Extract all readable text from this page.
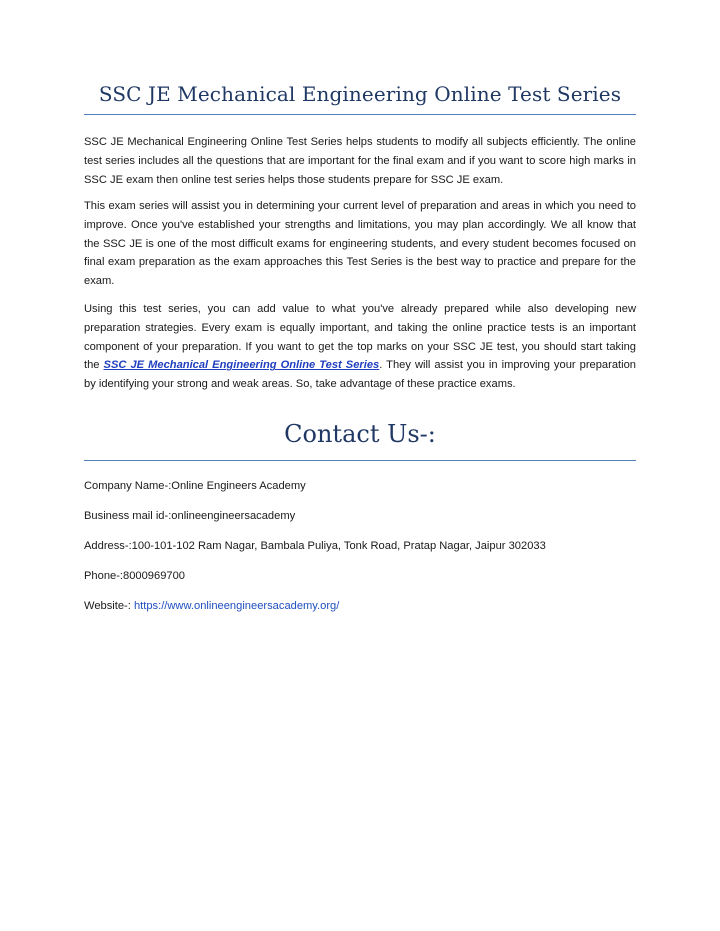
SSC JE Mechanical Engineering Online Test Series

SSC JE Mechanical Engineering Online Test Series helps students to modify all subjects efficiently. The online test series includes all the questions that are important for the final exam and if you want to score high marks in SSC JE exam then online test series helps those students prepare for SSC JE exam.

This exam series will assist you in determining your current level of preparation and areas in which you need to improve. Once you've established your strengths and limitations, you may plan accordingly. We all know that the SSC JE is one of the most difficult exams for engineering students, and every student becomes focused on final exam preparation as the exam approaches this Test Series is the best way to practice and prepare for the exam.

Using this test series, you can add value to what you've already prepared while also developing new preparation strategies. Every exam is equally important, and taking the online practice tests is an important component of your preparation. If you want to get the top marks on your SSC JE test, you should start taking the SSC JE Mechanical Engineering Online Test Series. They will assist you in improving your preparation by identifying your strong and weak areas. So, take advantage of these practice exams.

Contact Us-:
Company Name-:Online Engineers Academy
Business mail id-:onlineengineersacademy
Address-:100-101-102 Ram Nagar, Bambala Puliya, Tonk Road, Pratap Nagar, Jaipur 302033
Phone-:8000969700
Website-: https://www.onlineengineersacademy.org/
